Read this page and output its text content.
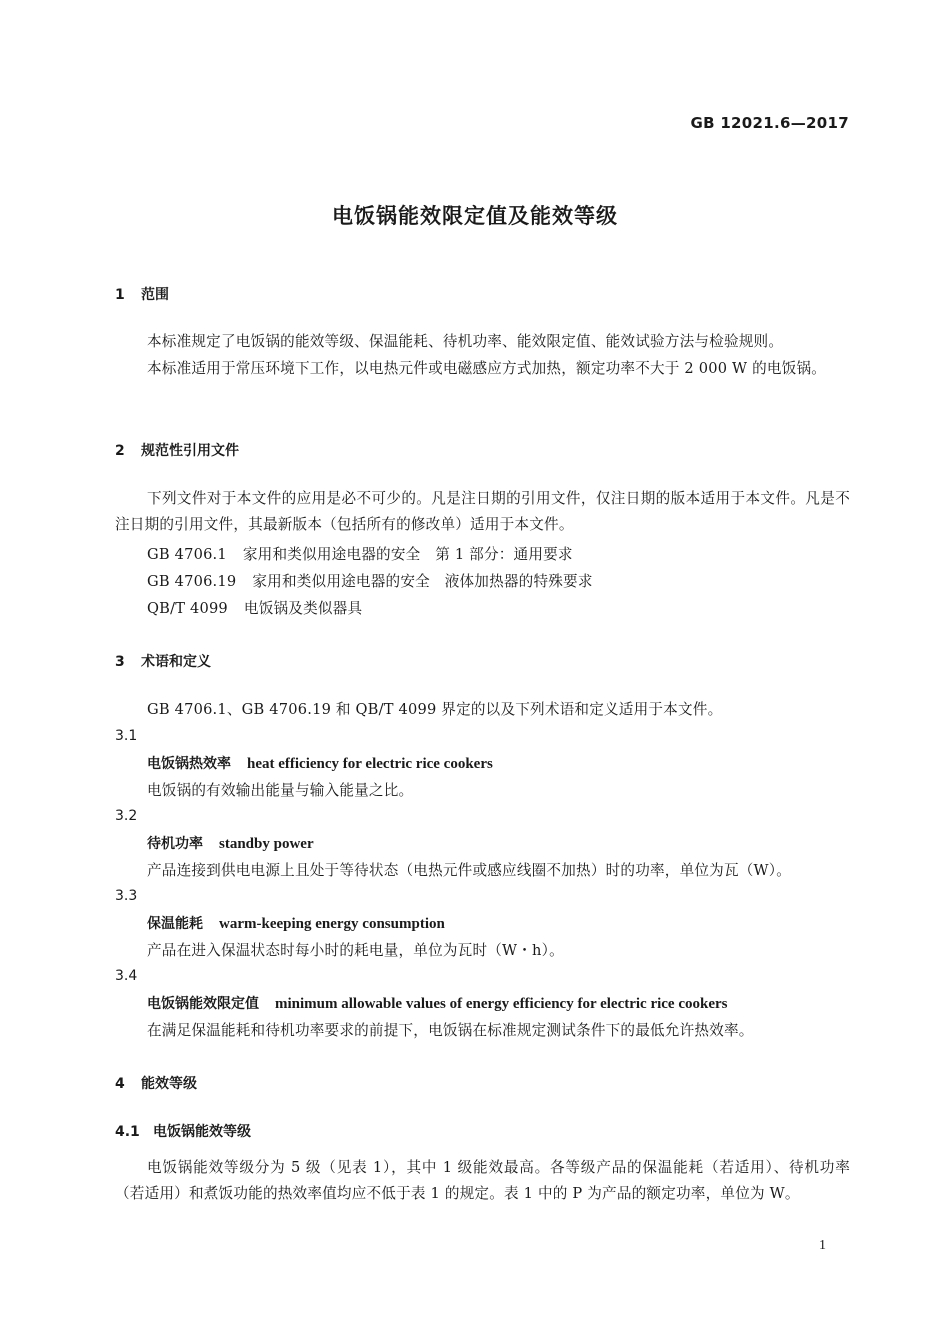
GB 12021.6—2017
电饭锅能效限定值及能效等级
1 范围
本标准规定了电饭锅的能效等级、保温能耗、待机功率、能效限定值、能效试验方法与检验规则。
本标准适用于常压环境下工作，以电热元件或电磁感应方式加热，额定功率不大于 2 000 W 的电饭锅。
2 规范性引用文件
下列文件对于本文件的应用是必不可少的。凡是注日期的引用文件，仅注日期的版本适用于本文件。凡是不注日期的引用文件，其最新版本（包括所有的修改单）适用于本文件。
GB 4706.1 家用和类似用途电器的安全　第 1 部分：通用要求
GB 4706.19 家用和类似用途电器的安全　液体加热器的特殊要求
QB/T 4099 电饭锅及类似器具
3 术语和定义
GB 4706.1、GB 4706.19 和 QB/T 4099 界定的以及下列术语和定义适用于本文件。
3.1
电饭锅热效率 heat efficiency for electric rice cookers
电饭锅的有效输出能量与输入能量之比。
3.2
待机功率 standby power
产品连接到供电电源上且处于等待状态（电热元件或感应线圈不加热）时的功率，单位为瓦（W）。
3.3
保温能耗 warm-keeping energy consumption
产品在进入保温状态时每小时的耗电量，单位为瓦时（W・h）。
3.4
电饭锅能效限定值 minimum allowable values of energy efficiency for electric rice cookers
在满足保温能耗和待机功率要求的前提下，电饭锅在标准规定测试条件下的最低允许热效率。
4 能效等级
4.1 电饭锅能效等级
电饭锅能效等级分为 5 级（见表 1），其中 1 级能效最高。各等级产品的保温能耗（若适用）、待机功率（若适用）和煮饭功能的热效率值均应不低于表 1 的规定。表 1 中的 P 为产品的额定功率，单位为 W。
1
